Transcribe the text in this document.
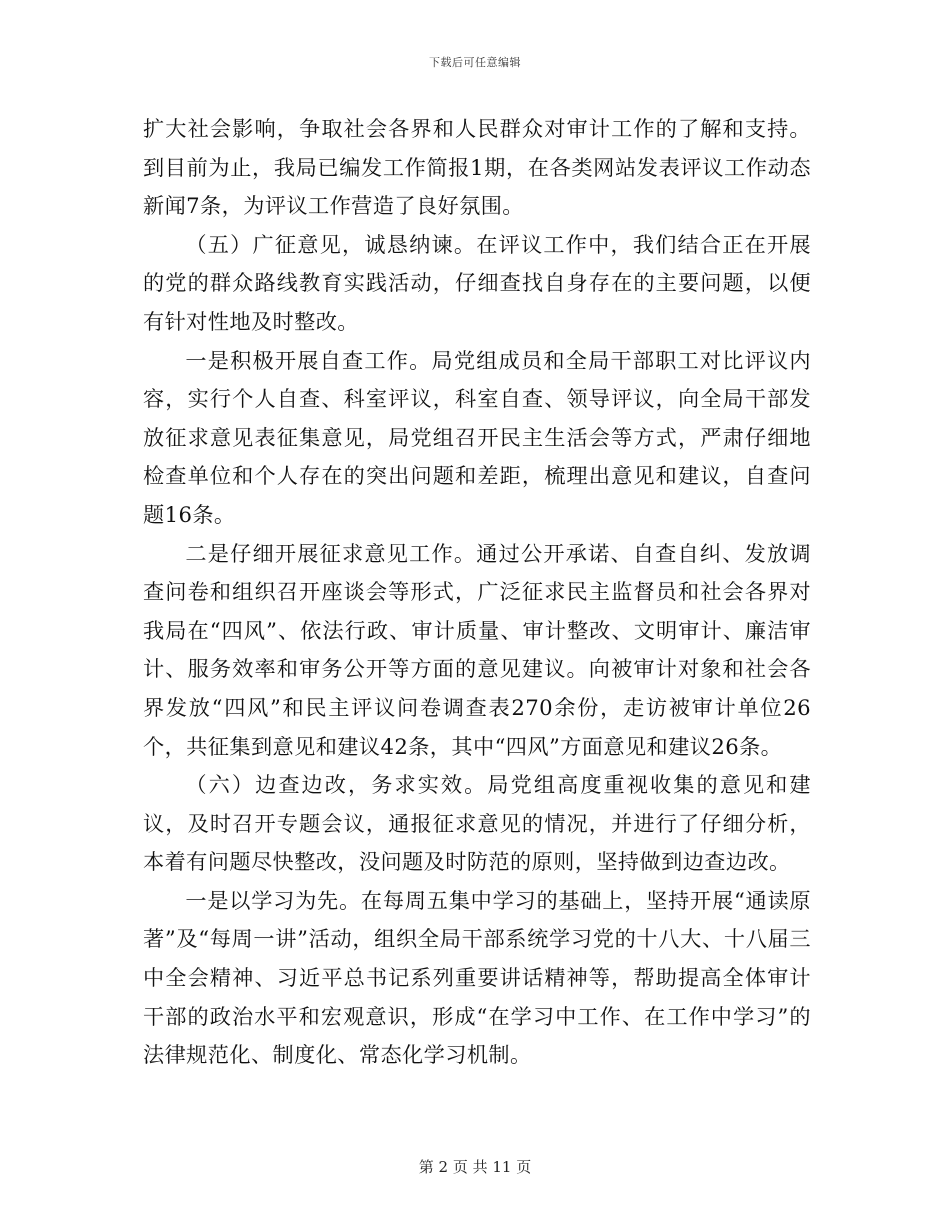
下载后可任意编辑

扩大社会影响，争取社会各界和人民群众对审计工作的了解和支持。到目前为止，我局已编发工作简报1期，在各类网站发表评议工作动态新闻7条，为评议工作营造了良好氛围。

（五）广征意见，诚恳纳谏。在评议工作中，我们结合正在开展的党的群众路线教育实践活动，仔细查找自身存在的主要问题，以便有针对性地及时整改。

一是积极开展自查工作。局党组成员和全局干部职工对比评议内容，实行个人自查、科室评议，科室自查、领导评议，向全局干部发放征求意见表征集意见，局党组召开民主生活会等方式，严肃仔细地检查单位和个人存在的突出问题和差距，梳理出意见和建议，自查问题16条。

二是仔细开展征求意见工作。通过公开承诺、自查自纠、发放调查问卷和组织召开座谈会等形式，广泛征求民主监督员和社会各界对我局在“四风”、依法行政、审计质量、审计整改、文明审计、廉洁审计、服务效率和审务公开等方面的意见建议。向被审计对象和社会各界发放“四风”和民主评议问卷调查表270余份，走访被审计单位26个，共征集到意见和建议42条，其中“四风”方面意见和建议26条。

（六）边查边改，务求实效。局党组高度重视收集的意见和建议，及时召开专题会议，通报征求意见的情况，并进行了仔细分析，本着有问题尽快整改，没问题及时防范的原则，坚持做到边查边改。

一是以学习为先。在每周五集中学习的基础上，坚持开展“通读原著”及“每周一讲”活动，组织全局干部系统学习党的十八大、十八届三中全会精神、习近平总书记系列重要讲话精神等，帮助提高全体审计干部的政治水平和宏观意识，形成“在学习中工作、在工作中学习”的法律规范化、制度化、常态化学习机制。

第 2 页 共 11 页
